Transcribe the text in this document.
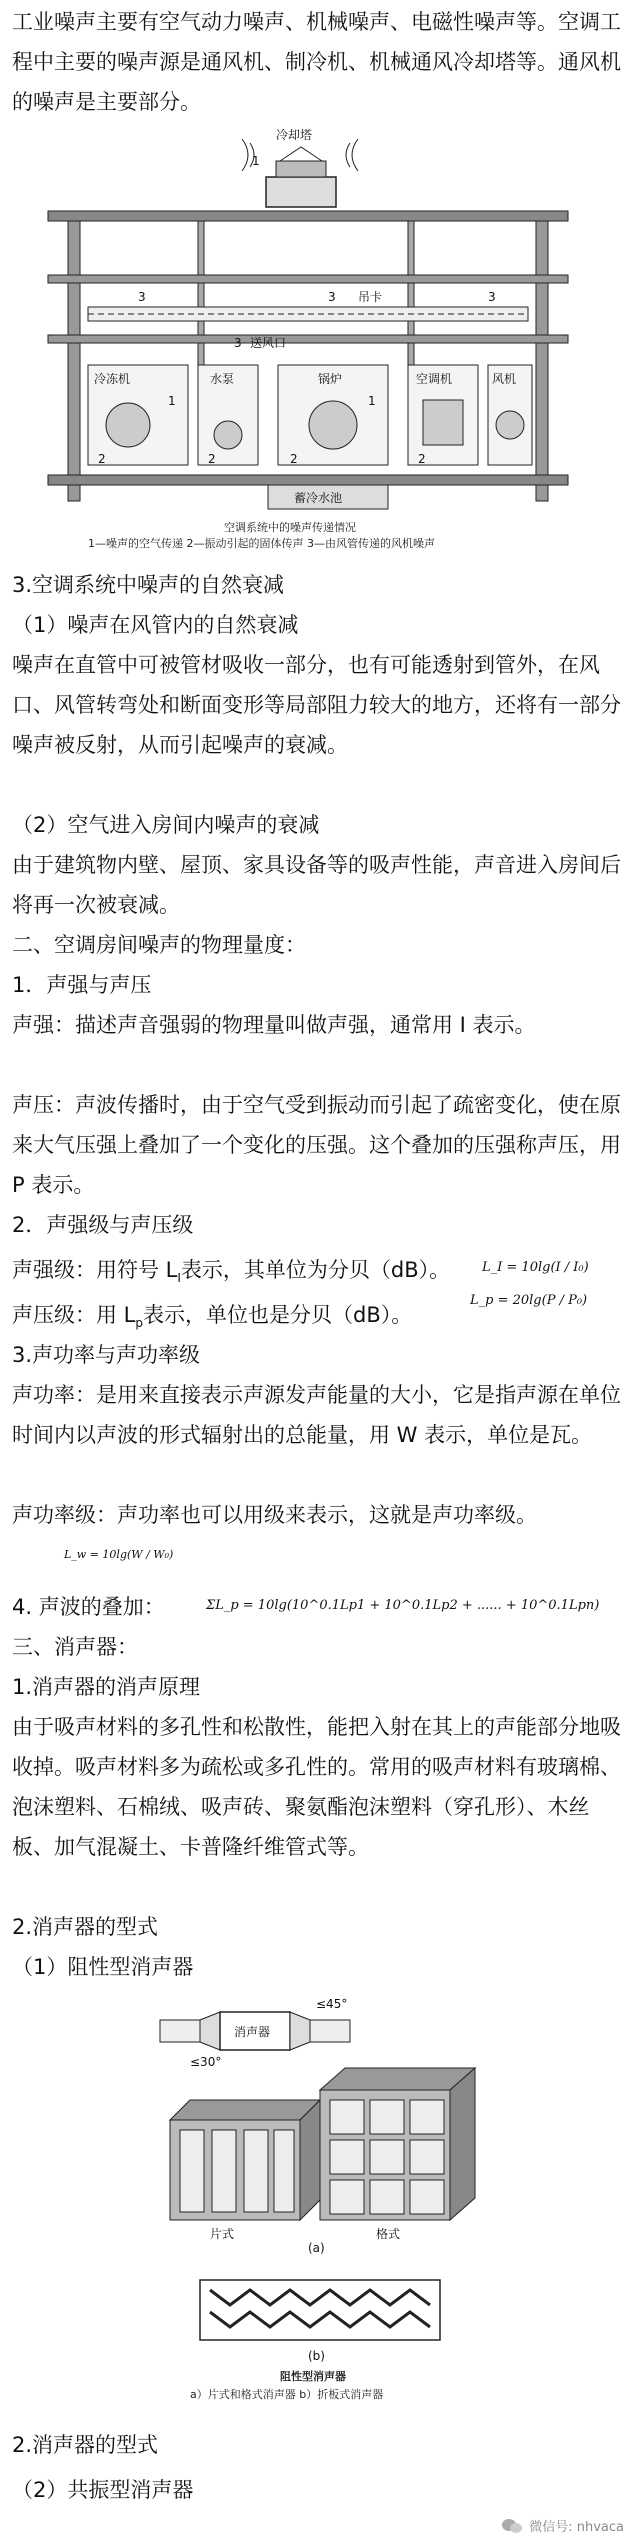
工业噪声主要有空气动力噪声、机械噪声、电磁性噪声等。空调工程中主要的噪声源是通风机、制冷机、机械通风冷却塔等。通风机的噪声是主要部分。

冷却塔
1
吊卡
送风口
3	3
3
3
冷冻机	水泵	锅炉	空调机	风机
2	2	2	2
1	1
蓄冷水池
空调系统中的噪声传递情况
1—噪声的空气传递 2—振动引起的固体传声 3—由风管传递的风机噪声

3.空调系统中噪声的自然衰减

（1）噪声在风管内的自然衰减

噪声在直管中可被管材吸收一部分，也有可能透射到管外，在风口、风管转弯处和断面变形等局部阻力较大的地方，还将有一部分噪声被反射，从而引起噪声的衰减。

（2）空气进入房间内噪声的衰减

由于建筑物内壁、屋顶、家具设备等的吸声性能，声音进入房间后将再一次被衰减。

二、空调房间噪声的物理量度：

1．声强与声压

声强：描述声音强弱的物理量叫做声强，通常用 I 表示。

声压：声波传播时，由于空气受到振动而引起了疏密变化，使在原来大气压强上叠加了一个变化的压强。这个叠加的压强称声压，用 P 表示。

2．声强级与声压级

声强级：用符号 $L_I$表示，其单位为分贝（dB）。 L_I = 10lg(I / I₀)

声压级：用 $L_p$表示，单位也是分贝（dB）。

L_p = 20lg(P / P₀)

3.声功率与声功率级

声功率：是用来直接表示声源发声能量的大小，它是指声源在单位时间内以声波的形式辐射出的总能量，用 W 表示，单位是瓦。

声功率级：声功率也可以用级来表示，这就是声功率级。

L_w = 10lg(W / W₀)

4. 声波的叠加：	ΣL_p = 10lg(10^0.1Lp1 + 10^0.1Lp2 + ...... + 10^0.1Lpn)

三、消声器：

1.消声器的消声原理

由于吸声材料的多孔性和松散性，能把入射在其上的声能部分地吸收掉。吸声材料多为疏松或多孔性的。常用的吸声材料有玻璃棉、泡沫塑料、石棉绒、吸声砖、聚氨酯泡沫塑料（穿孔形）、木丝板、加气混凝土、卡普隆纤维管式等。

2.消声器的型式

（1）阻性型消声器

消声器
≤45°
≤30°
片式	格式
(a)
(b)
阻性型消声器
a）片式和格式消声器 b）折板式消声器

2.消声器的型式

（2）共振型消声器

微信号: nhvaca
